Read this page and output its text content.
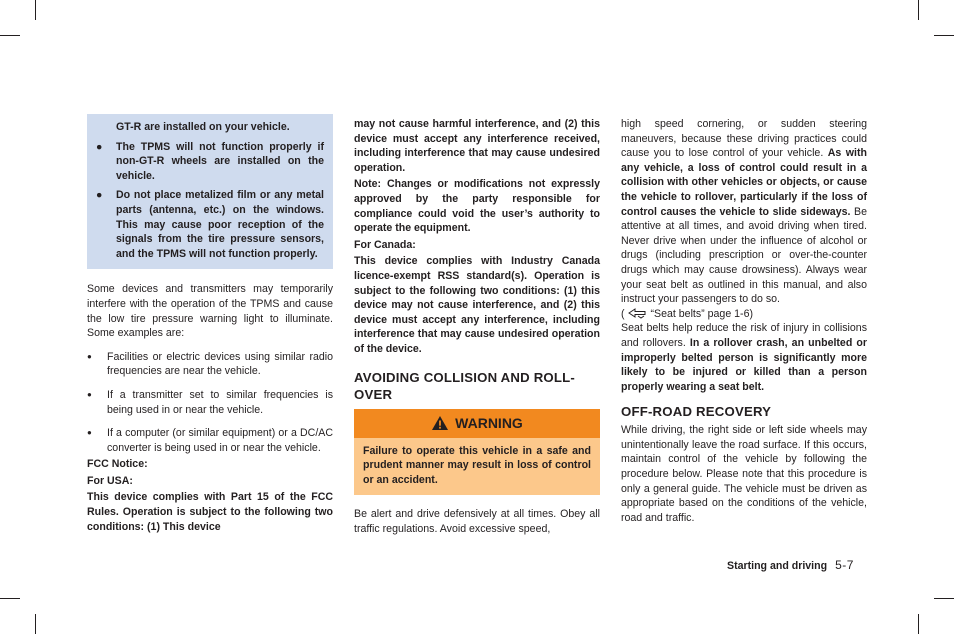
GT-R are installed on your vehicle.

● The TPMS will not function properly if non-GT-R wheels are installed on the vehicle.
● Do not place metalized film or any metal parts (antenna, etc.) on the windows. This may cause poor reception of the signals from the tire pressure sensors, and the TPMS will not function properly.

Some devices and transmitters may temporarily interfere with the operation of the TPMS and cause the low tire pressure warning light to illuminate. Some examples are:

● Facilities or electric devices using similar radio frequencies are near the vehicle.
● If a transmitter set to similar frequencies is being used in or near the vehicle.
● If a computer (or similar equipment) or a DC/AC converter is being used in or near the vehicle.

FCC Notice:

For USA:

This device complies with Part 15 of the FCC Rules. Operation is subject to the following two conditions: (1) This device

may not cause harmful interference, and (2) this device must accept any interference received, including interference that may cause undesired operation.

Note: Changes or modifications not expressly approved by the party responsible for compliance could void the user’s authority to operate the equipment.

For Canada:

This device complies with Industry Canada licence-exempt RSS standard(s). Operation is subject to the following two conditions: (1) this device may not cause interference, and (2) this device must accept any interference, including interference that may cause undesired operation of the device.

AVOIDING COLLISION AND ROLL-OVER
WARNING
Failure to operate this vehicle in a safe and prudent manner may result in loss of control or an accident.

Be alert and drive defensively at all times. Obey all traffic regulations. Avoid excessive speed,

high speed cornering, or sudden steering maneuvers, because these driving practices could cause you to lose control of your vehicle. As with any vehicle, a loss of control could result in a collision with other vehicles or objects, or cause the vehicle to rollover, particularly if the loss of control causes the vehicle to slide sideways. Be attentive at all times, and avoid driving when tired. Never drive when under the influence of alcohol or drugs (including prescription or over-the-counter drugs which may cause drowsiness). Always wear your seat belt as outlined in this manual, and also instruct your passengers to do so.
( “Seat belts” page 1-6)

Seat belts help reduce the risk of injury in collisions and rollovers. In a rollover crash, an unbelted or improperly belted person is significantly more likely to be injured or killed than a person properly wearing a seat belt.

OFF-ROAD RECOVERY

While driving, the right side or left side wheels may unintentionally leave the road surface. If this occurs, maintain control of the vehicle by following the procedure below. Please note that this procedure is only a general guide. The vehicle must be driven as appropriate based on the conditions of the vehicle, road and traffic.

Starting and driving 5-7
